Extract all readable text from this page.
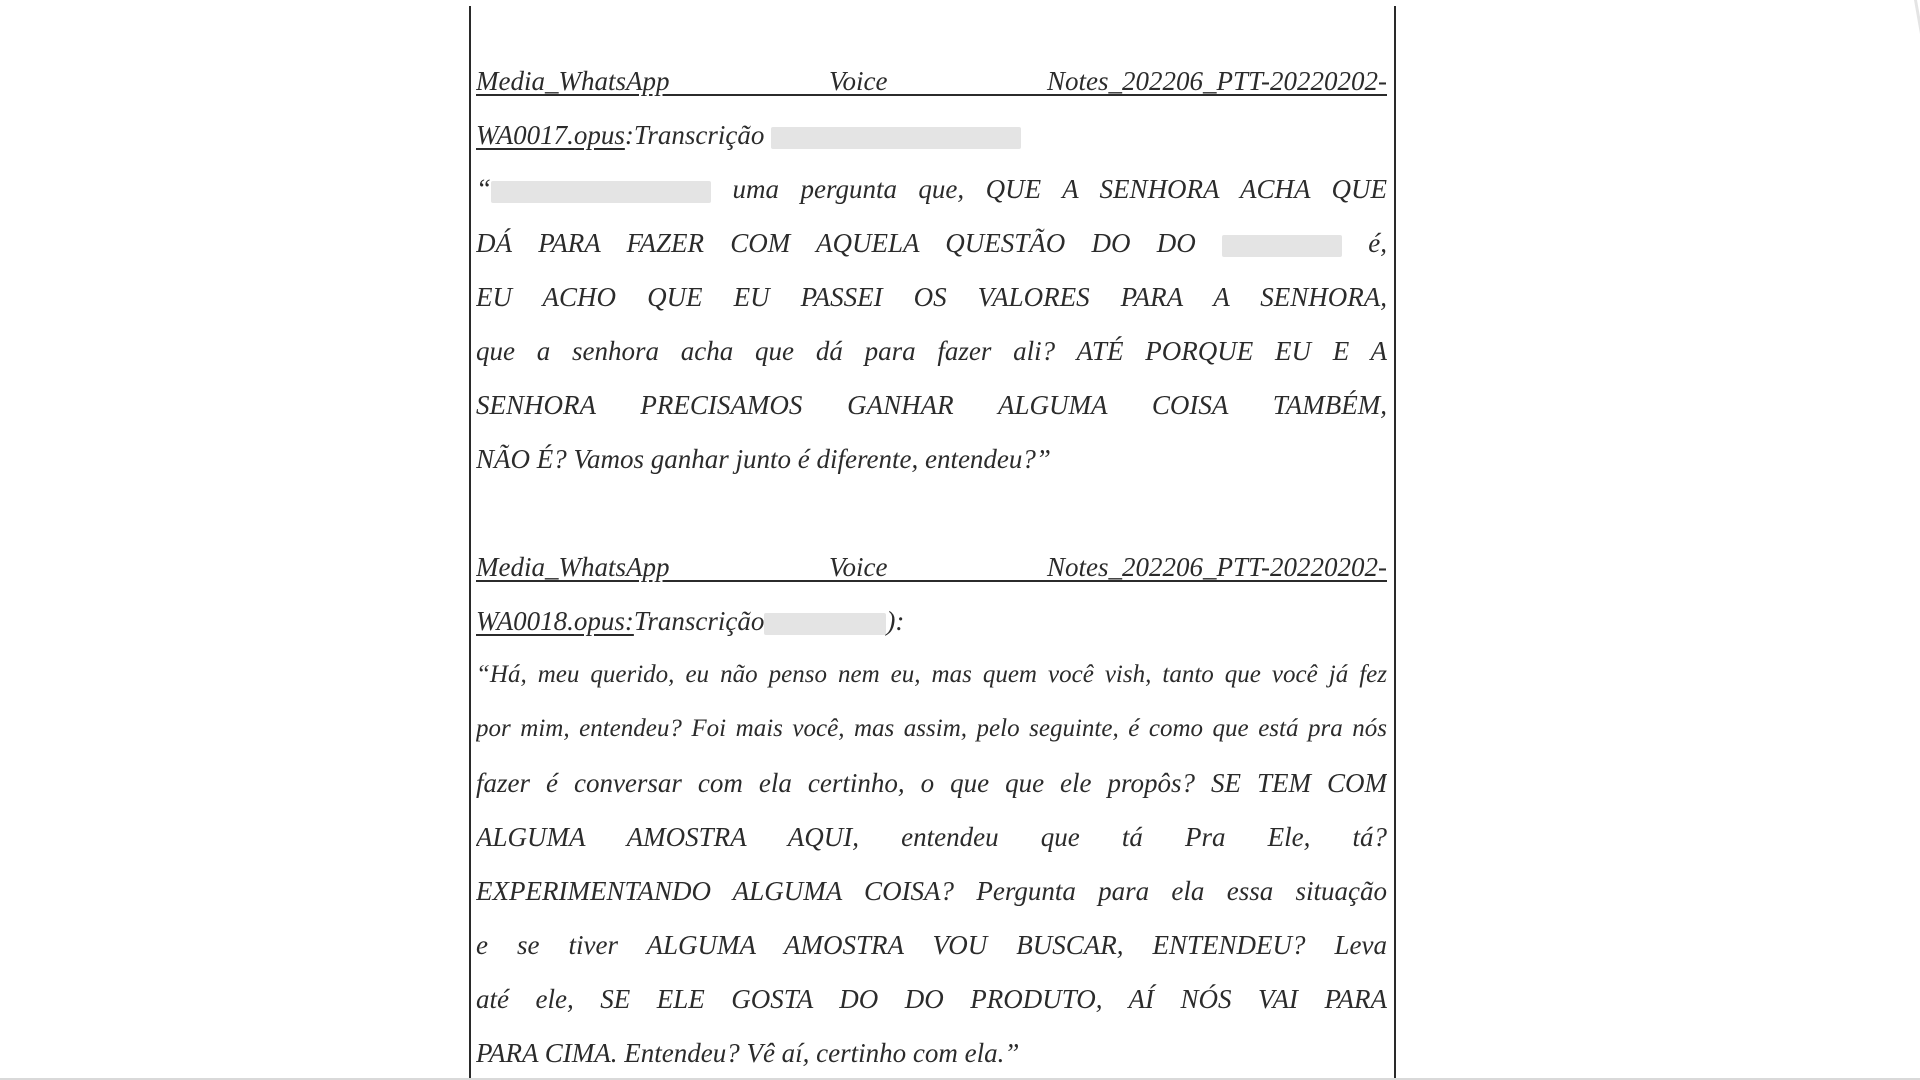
Media_WhatsApp Voice Notes_202206_PTT-20220202-
WA0017.opus:Transcrição
“	uma pergunta que, QUE A SENHORA ACHA QUE
DÁ PARA FAZER COM AQUELA QUESTÃO DO DO	é,
EU ACHO QUE EU PASSEI OS VALORES PARA A SENHORA,
que a senhora acha que dá para fazer ali? ATÉ PORQUE EU E A
SENHORA PRECISAMOS GANHAR ALGUMA COISA TAMBÉM,
NÃO É? Vamos ganhar junto é diferente, entendeu?”
Media_WhatsApp Voice Notes_202206_PTT-20220202-
WA0018.opus:Transcrição	):
“Há, meu querido, eu não penso nem eu, mas quem você vish, tanto que você já fez
por mim, entendeu? Foi mais você, mas assim, pelo seguinte, é como que está pra nós
fazer é conversar com ela certinho, o que que ele propôs? SE TEM COM
ALGUMA AMOSTRA AQUI, entendeu que tá Pra Ele, tá?
EXPERIMENTANDO ALGUMA COISA? Pergunta para ela essa situação
e se tiver ALGUMA AMOSTRA VOU BUSCAR, ENTENDEU? Leva
até ele, SE ELE GOSTA DO DO PRODUTO, AÍ NÓS VAI PARA
PARA CIMA. Entendeu? Vê aí, certinho com ela.”
